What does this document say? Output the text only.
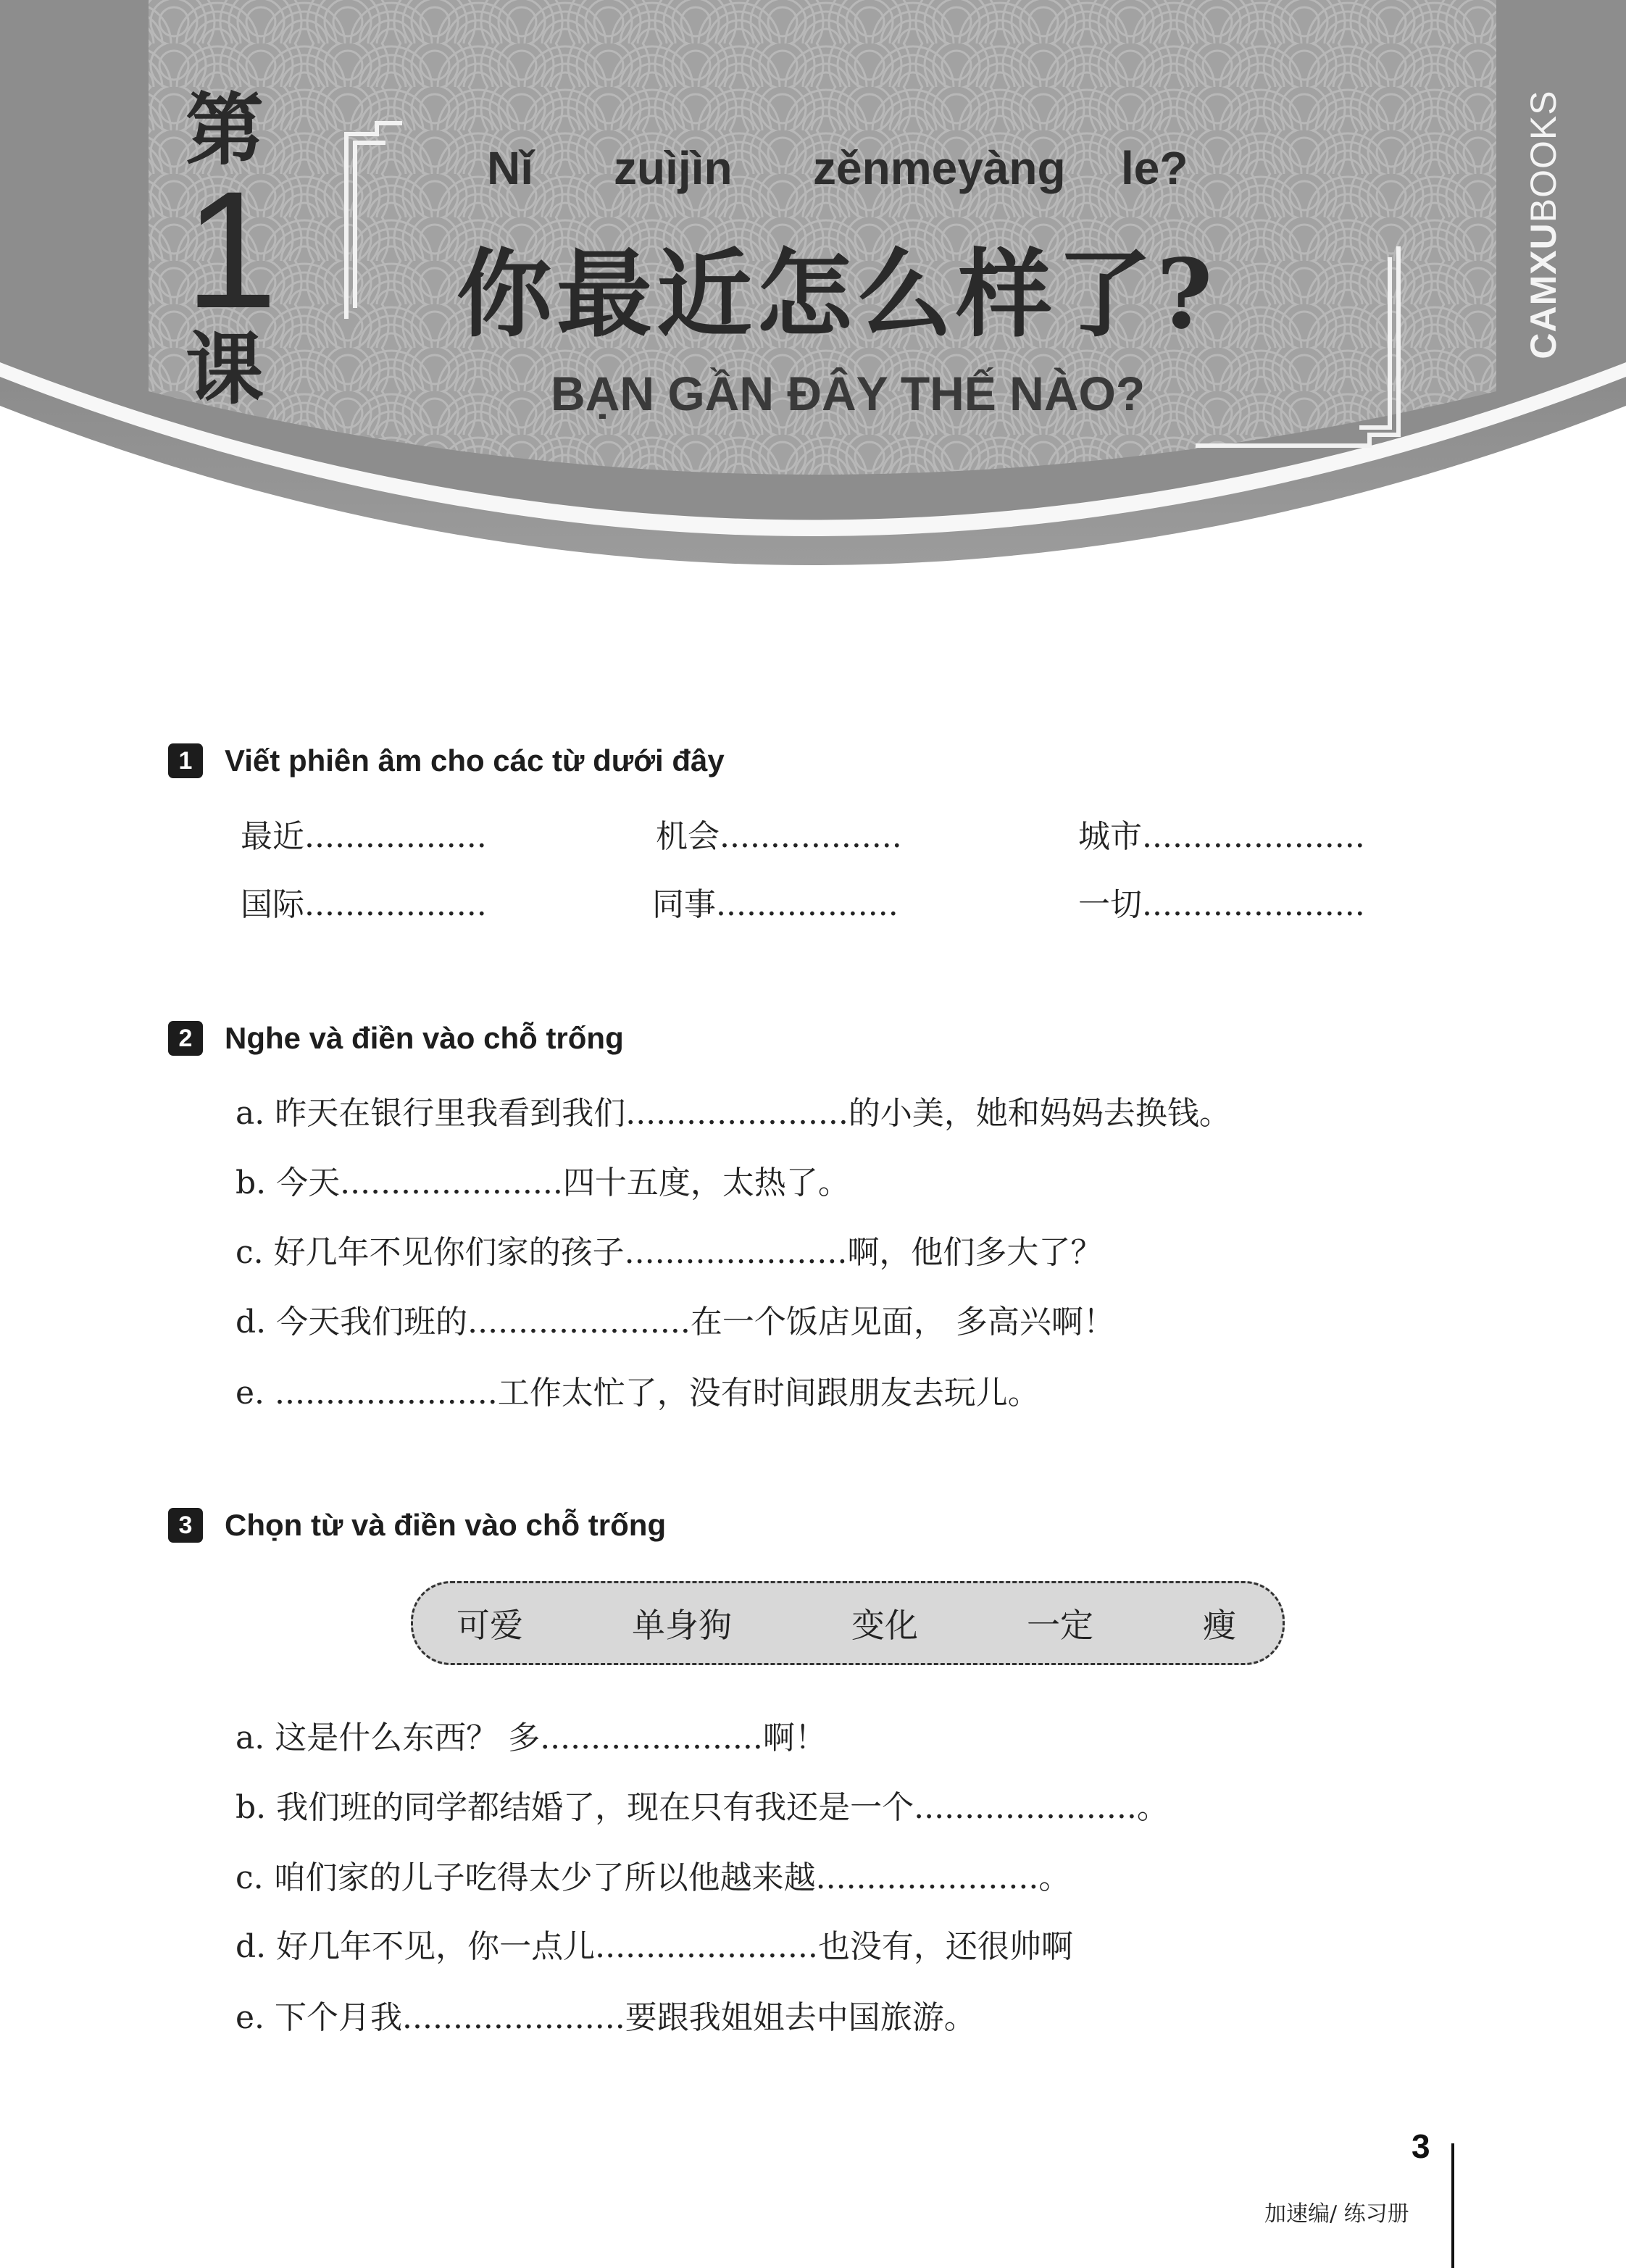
第
1
课
Nǐ zuìjìn zěnmeyàng le?
你最近怎么样了?
BẠN GẦN ĐÂY THẾ NÀO?
CAMXUBOOKS
1	Viết phiên âm cho các từ dưới đây
最近..................	机会..................	城市......................
国际..................	同事..................	一切......................
2	Nghe và điền vào chỗ trống
a. 昨天在银行里我看到我们......................的小美，她和妈妈去换钱。
b. 今天......................四十五度，太热了。
c. 好几年不见你们家的孩子......................啊，他们多大了？
d. 今天我们班的......................在一个饭店见面， 多高兴啊！
e. ......................工作太忙了，没有时间跟朋友去玩儿。
3	Chọn từ và điền vào chỗ trống
可爱	单身狗	变化	一定	瘦
a. 这是什么东西？ 多......................啊！
b. 我们班的同学都结婚了，现在只有我还是一个......................。
c. 咱们家的儿子吃得太少了所以他越来越......................。
d. 好几年不见，你一点儿......................也没有，还很帅啊
e. 下个月我......................要跟我姐姐去中国旅游。
3
加速编/ 练习册
